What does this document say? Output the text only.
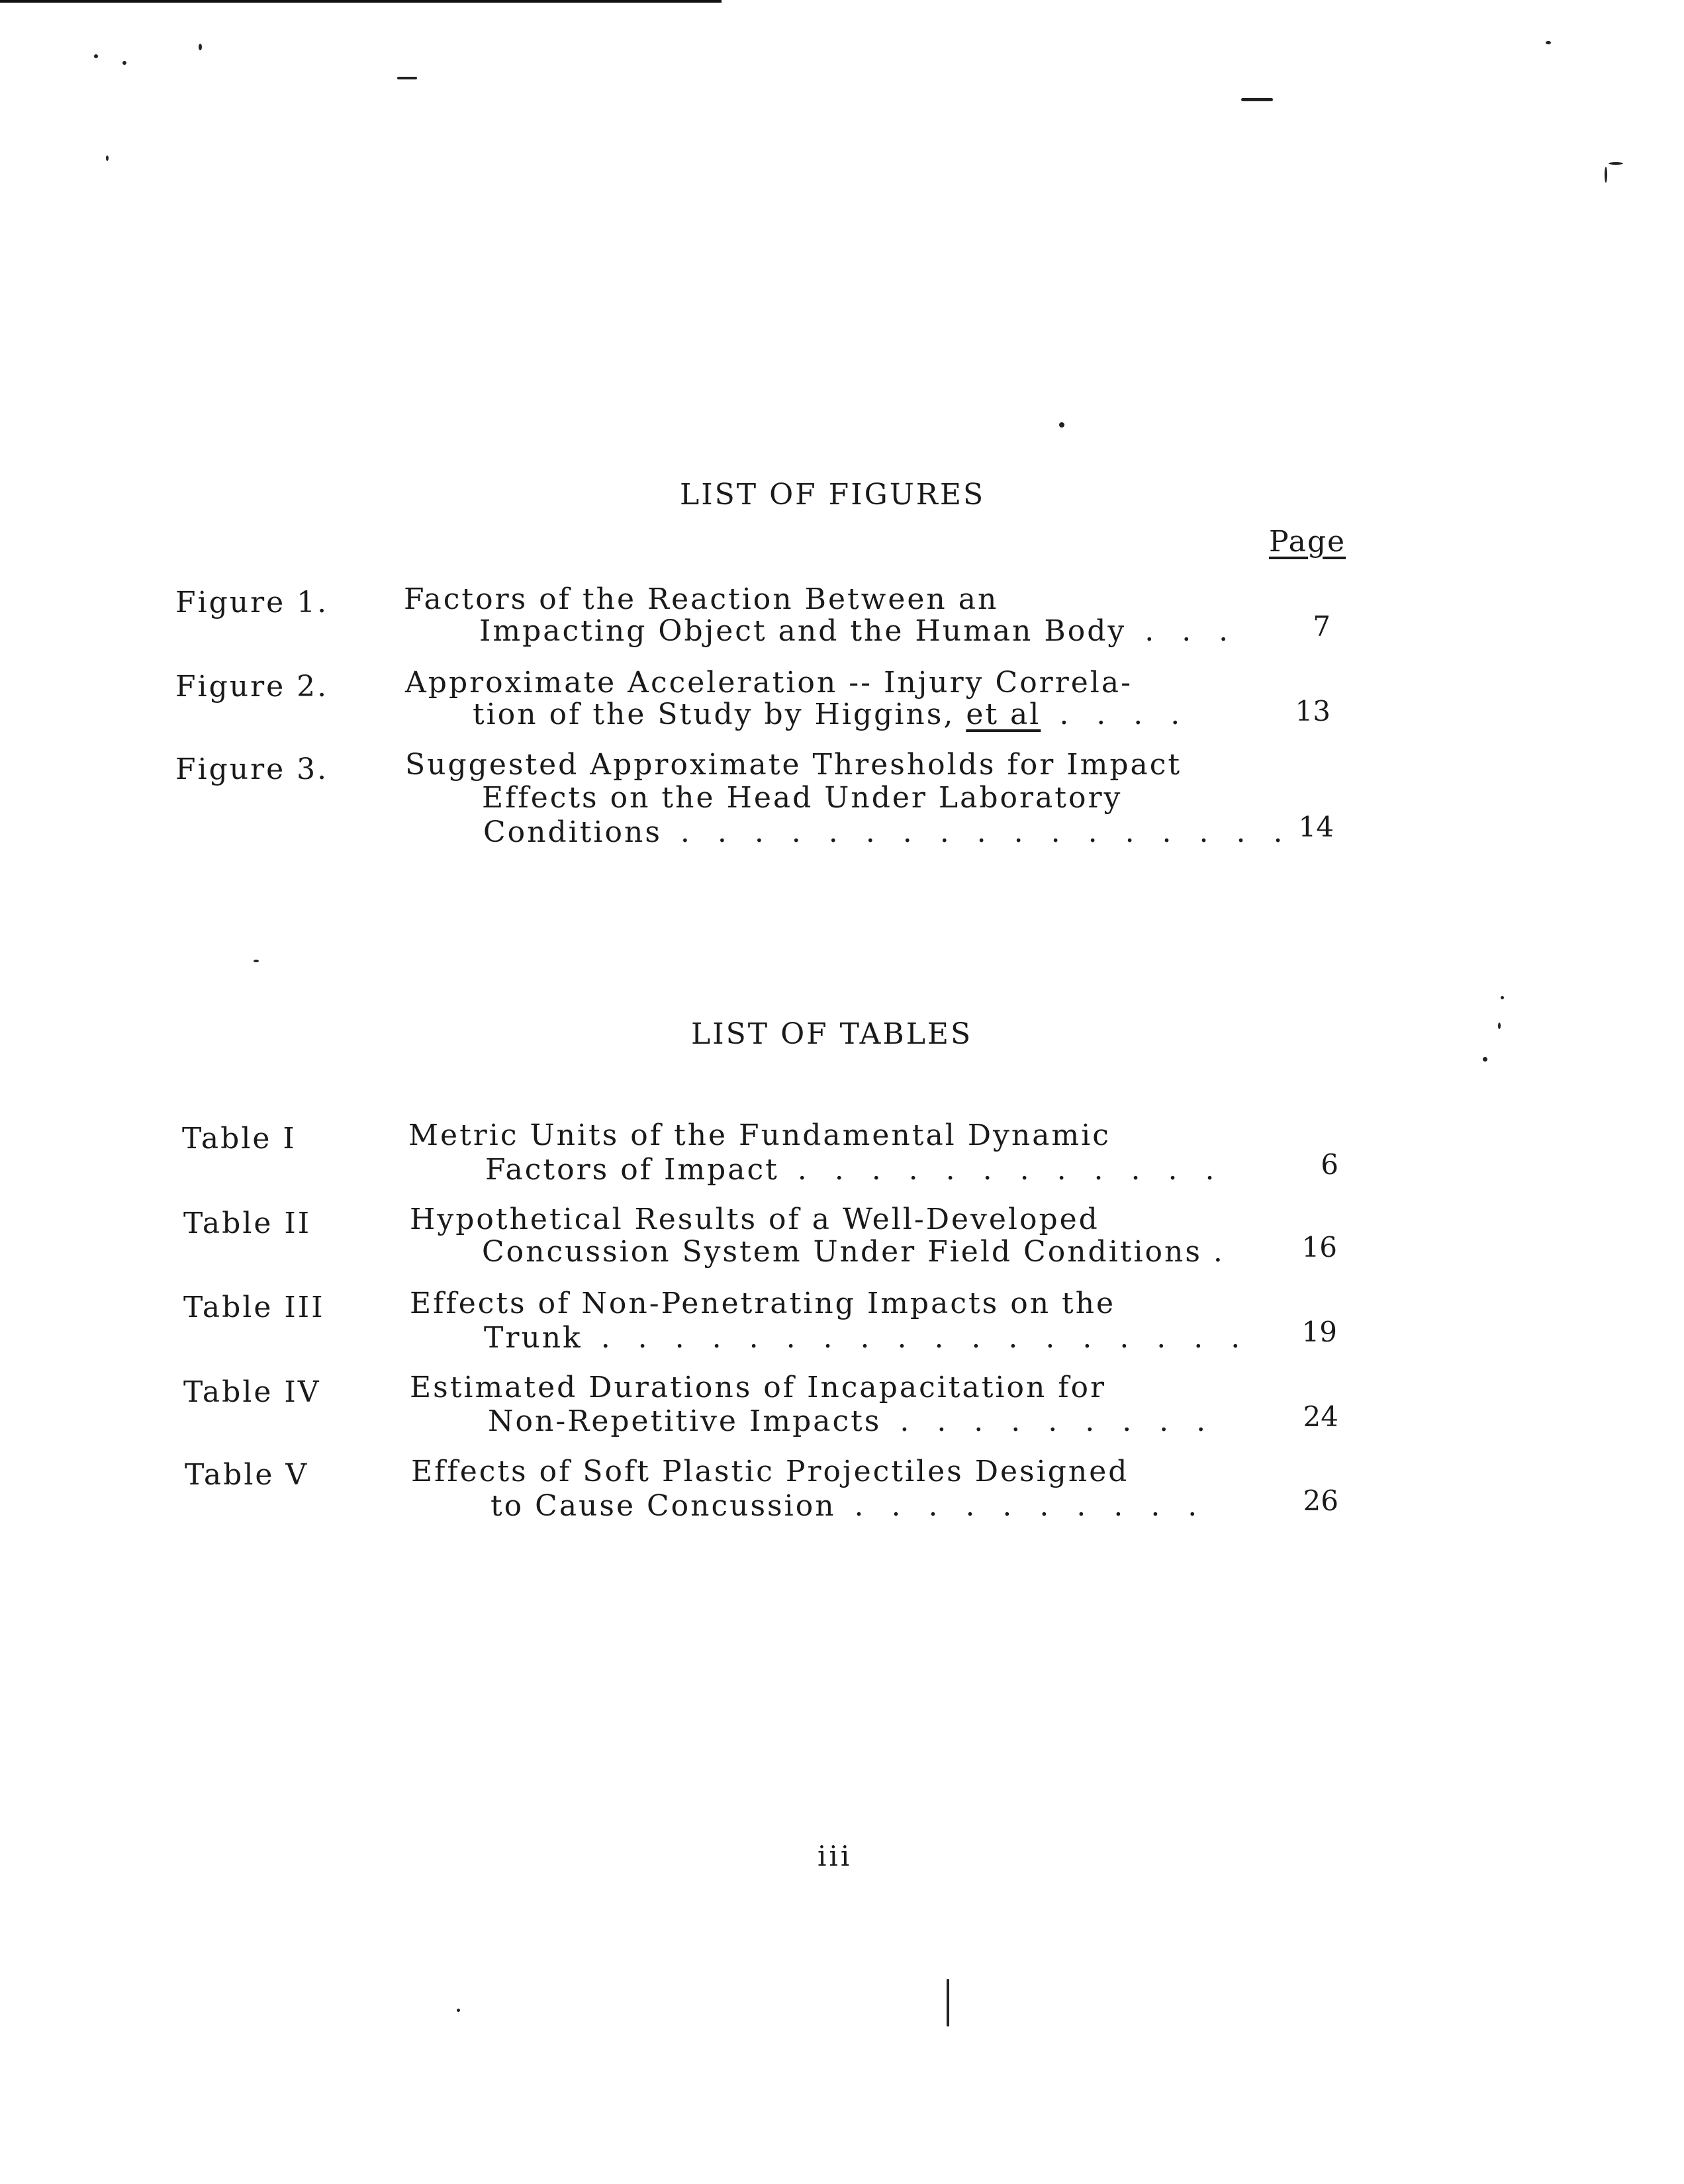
LIST OF FIGURES
Page
Figure 1.	Factors of the Reaction Between an
Impacting Object and the Human Body . . .	7
Figure 2.	Approximate Acceleration -- Injury Correla-
tion of the Study by Higgins, et al . . . .	13
Figure 3.	Suggested Approximate Thresholds for Impact
Effects on the Head Under Laboratory
Conditions . . . . . . . . . . . . . . . . . 14
LIST OF TABLES
Table I	Metric Units of the Fundamental Dynamic
Factors of Impact . . . . . . . . . . . .	6
Table II	Hypothetical Results of a Well-Developed
Concussion System Under Field Conditions .	16
Table III	Effects of Non-Penetrating Impacts on the
Trunk . . . . . . . . . . . . . . . . . .	19
Table IV	Estimated Durations of Incapacitation for
Non-Repetitive Impacts . . . . . . . . .	24
Table V	Effects of Soft Plastic Projectiles Designed
to Cause Concussion . . . . . . . . . .	26
iii
